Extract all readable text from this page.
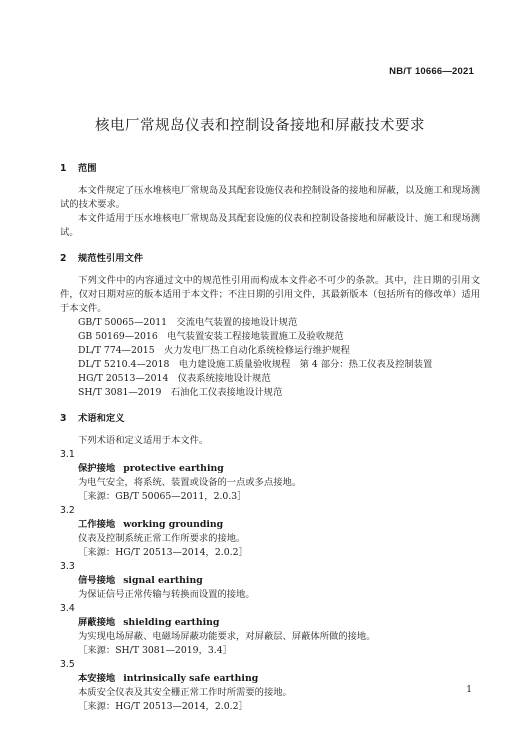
NB/T 10666—2021
核电厂常规岛仪表和控制设备接地和屏蔽技术要求
1 范围

本文件规定了压水堆核电厂常规岛及其配套设施仪表和控制设备的接地和屏蔽，以及施工和现场测试的技术要求。

本文件适用于压水堆核电厂常规岛及其配套设施的仪表和控制设备接地和屏蔽设计、施工和现场测试。

2 规范性引用文件

下列文件中的内容通过文中的规范性引用而构成本文件必不可少的条款。其中，注日期的引用文件，仅对日期对应的版本适用于本文件；不注日期的引用文件，其最新版本（包括所有的修改单）适用于本文件。

GB/T 50065—2011　 交流电气装置的接地设计规范
GB 50169—2016　 电气装置安装工程接地装置施工及验收规范
DL/T 774—2015　 火力发电厂热工自动化系统检修运行维护规程
DL/T 5210.4—2018　 电力建设施工质量验收规程　第 4 部分：热工仪表及控制装置
HG/T 20513—2014　 仪表系统接地设计规范
SH/T 3081—2019　 石油化工仪表接地设计规范
3 术语和定义

下列术语和定义适用于本文件。

3.1

保护接地 protective earthing

为电气安全，将系统、装置或设备的一点或多点接地。

［来源：GB/T 50065—2011，2.0.3］

3.2

工作接地 working grounding

仪表及控制系统正常工作所要求的接地。

［来源：HG/T 20513—2014，2.0.2］

3.3

信号接地 signal earthing

为保证信号正常传输与转换而设置的接地。

3.4

屏蔽接地 shielding earthing

为实现电场屏蔽、电磁场屏蔽功能要求，对屏蔽层、屏蔽体所做的接地。

［来源：SH/T 3081—2019，3.4］

3.5

本安接地 intrinsically safe earthing

本质安全仪表及其安全栅正常工作时所需要的接地。

［来源：HG/T 20513—2014，2.0.2］

1
